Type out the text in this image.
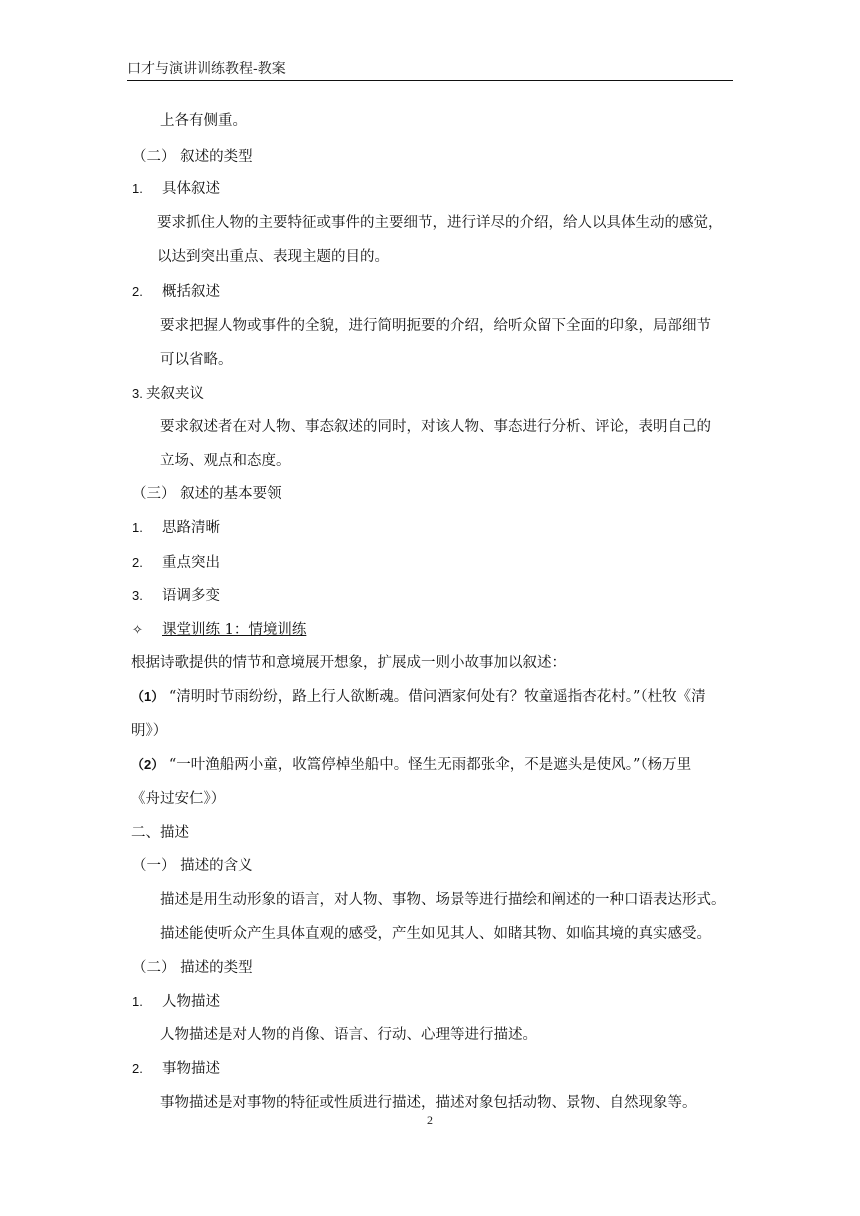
口才与演讲训练教程-教案
上各有侧重。
（二） 叙述的类型
1. 具体叙述
要求抓住人物的主要特征或事件的主要细节，进行详尽的介绍，给人以具体生动的感觉，
以达到突出重点、表现主题的目的。
2. 概括叙述
要求把握人物或事件的全貌，进行简明扼要的介绍，给听众留下全面的印象，局部细节
可以省略。
3. 夹叙夹议
要求叙述者在对人物、事态叙述的同时，对该人物、事态进行分析、评论，表明自己的
立场、观点和态度。
（三） 叙述的基本要领
1. 思路清晰
2. 重点突出
3. 语调多变
✧ 课堂训练 1：情境训练
根据诗歌提供的情节和意境展开想象，扩展成一则小故事加以叙述：
（1） “清明时节雨纷纷，路上行人欲断魂。借问酒家何处有？牧童遥指杏花村。”（杜牧《清
明》）
（2） “一叶渔船两小童，收篙停棹坐船中。怪生无雨都张伞，不是遮头是使风。”（杨万里
《舟过安仁》）
二、描述
（一） 描述的含义
描述是用生动形象的语言，对人物、事物、场景等进行描绘和阐述的一种口语表达形式。
描述能使听众产生具体直观的感受，产生如见其人、如睹其物、如临其境的真实感受。
（二） 描述的类型
1. 人物描述
人物描述是对人物的肖像、语言、行动、心理等进行描述。
2. 事物描述
事物描述是对事物的特征或性质进行描述，描述对象包括动物、景物、自然现象等。
2
